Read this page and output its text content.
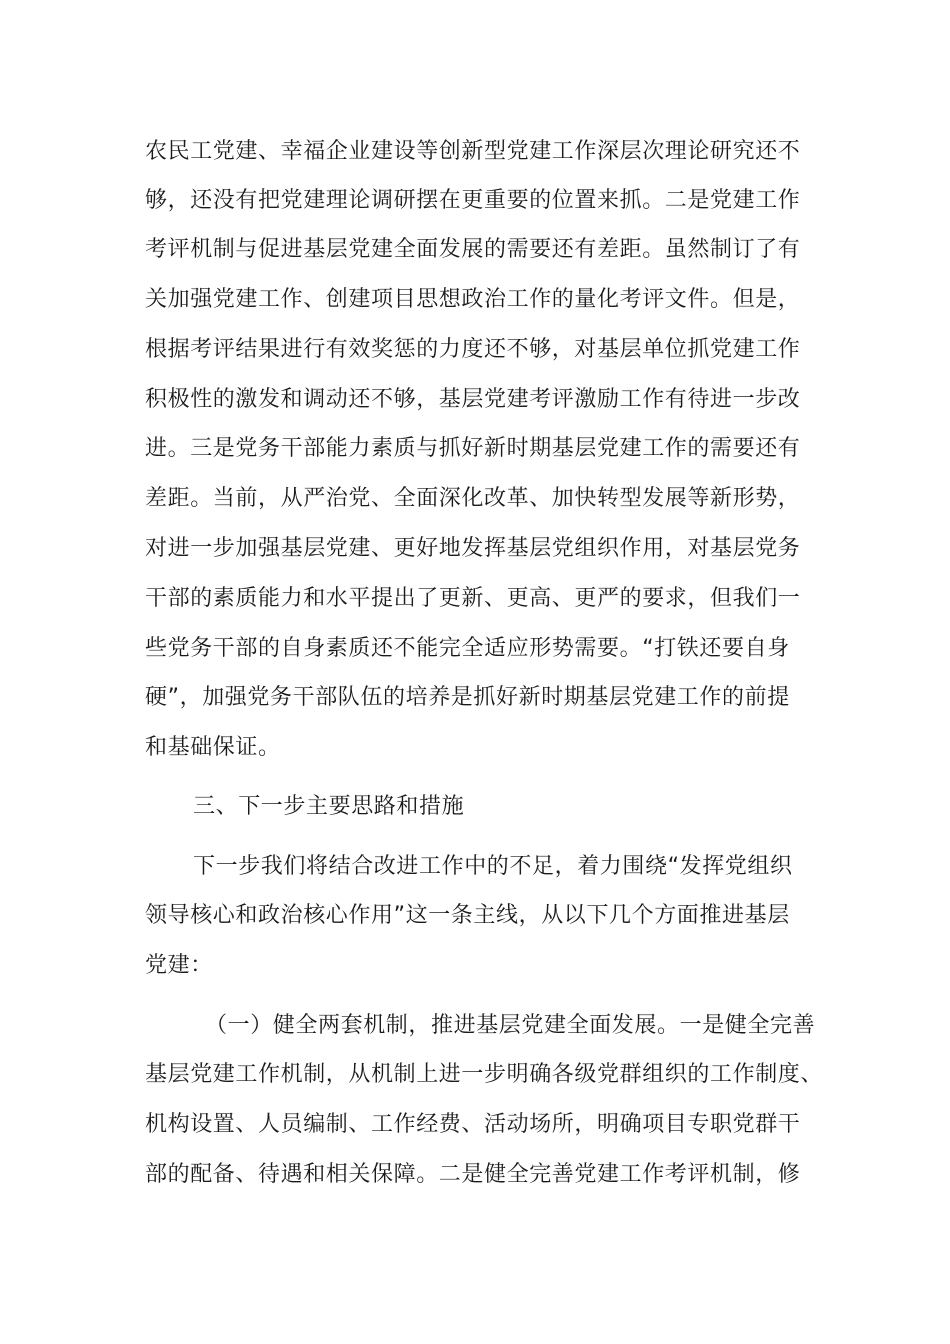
农民工党建、幸福企业建设等创新型党建工作深层次理论研究还不
够，还没有把党建理论调研摆在更重要的位置来抓。二是党建工作
考评机制与促进基层党建全面发展的需要还有差距。虽然制订了有
关加强党建工作、创建项目思想政治工作的量化考评文件。但是，
根据考评结果进行有效奖惩的力度还不够，对基层单位抓党建工作
积极性的激发和调动还不够，基层党建考评激励工作有待进一步改
进。三是党务干部能力素质与抓好新时期基层党建工作的需要还有
差距。当前，从严治党、全面深化改革、加快转型发展等新形势，
对进一步加强基层党建、更好地发挥基层党组织作用，对基层党务
干部的素质能力和水平提出了更新、更高、更严的要求，但我们一
些党务干部的自身素质还不能完全适应形势需要。“打铁还要自身
硬”，加强党务干部队伍的培养是抓好新时期基层党建工作的前提
和基础保证。
三、下一步主要思路和措施
下一步我们将结合改进工作中的不足，着力围绕“发挥党组织
领导核心和政治核心作用”这一条主线，从以下几个方面推进基层
党建：
（一）健全两套机制，推进基层党建全面发展。一是健全完善
基层党建工作机制，从机制上进一步明确各级党群组织的工作制度、
机构设置、人员编制、工作经费、活动场所，明确项目专职党群干
部的配备、待遇和相关保障。二是健全完善党建工作考评机制，修
